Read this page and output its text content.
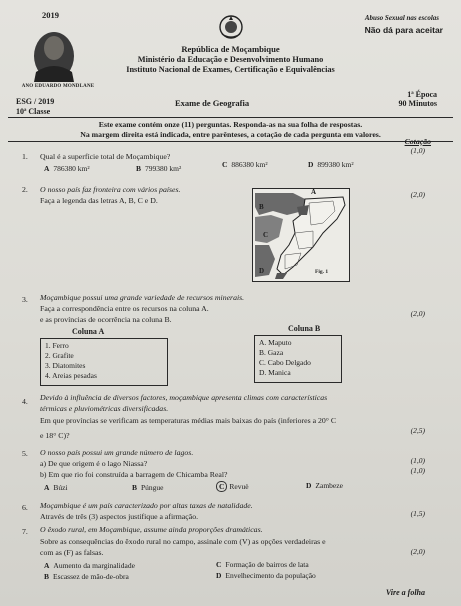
2019
ANO EDUARDO MONDLANE
Abuso Sexual nas escolas
Não dá para aceitar
República de Moçambique
Ministério da Educação e Desenvolvimento Humano
Instituto Nacional de Exames, Certificação e Equivalências
ESG / 2019
10ª Classe
Exame de Geografia
1ª Época
90 Minutos
Este exame contém onze (11) perguntas. Responda-as na sua folha de respostas.
Na margem direita está indicada, entre parênteses, a cotação de cada pergunta em valores.
Cotação
1. Qual é a superfície total de Moçambique?
(1,0)
A 786380 km²	B 799380 km²	C 886380 km²	D 899380 km²
2. O nosso país faz fronteira com vários países.
Faça a legenda das letras A, B, C e D.
(2,0)
A
B
C
D	Fig. 1
3. Moçambique possui uma grande variedade de recursos minerais.
Faça a correspondência entre os recursos na coluna A.
e as províncias de ocorrência na coluna B.
(2,0)
Coluna A	Coluna B
1. Ferro
2. Grafite
3. Diatomites
4. Areias pesadas
A. Maputo
B. Gaza
C. Cabo Delgado
D. Manica
4. Devido à influência de diversos factores, moçambique apresenta climas com características
térmicas e pluviométricas diversificadas.
Em que províncias se verificam as temperaturas médias mais baixas do país (inferiores a 20° C
e 18° C)?
(2,5)
5. O nosso país possui um grande número de lagos.
a) De que origem é o lago Niassa?	(1,0)
b) Em que rio foi construída a barragem de Chicamba Real?	(1,0)
A Búzi	B Púngue	C Revuè	D Zambeze
6. Moçambique é um país caracterizado por altas taxas de natalidade.
Através de três (3) aspectos justifique a afirmação.	(1,5)
7. O êxodo rural, em Moçambique, assume ainda proporções dramáticas.
Sobre as consequências do êxodo rural no campo, assinale com (V) as opções verdadeiras e
com as (F) as falsas.	(2,0)
A Aumento da marginalidade
B Escassez de mão-de-obra
C Formação de bairros de lata
D Envelhecimento da população
Vire a folha
